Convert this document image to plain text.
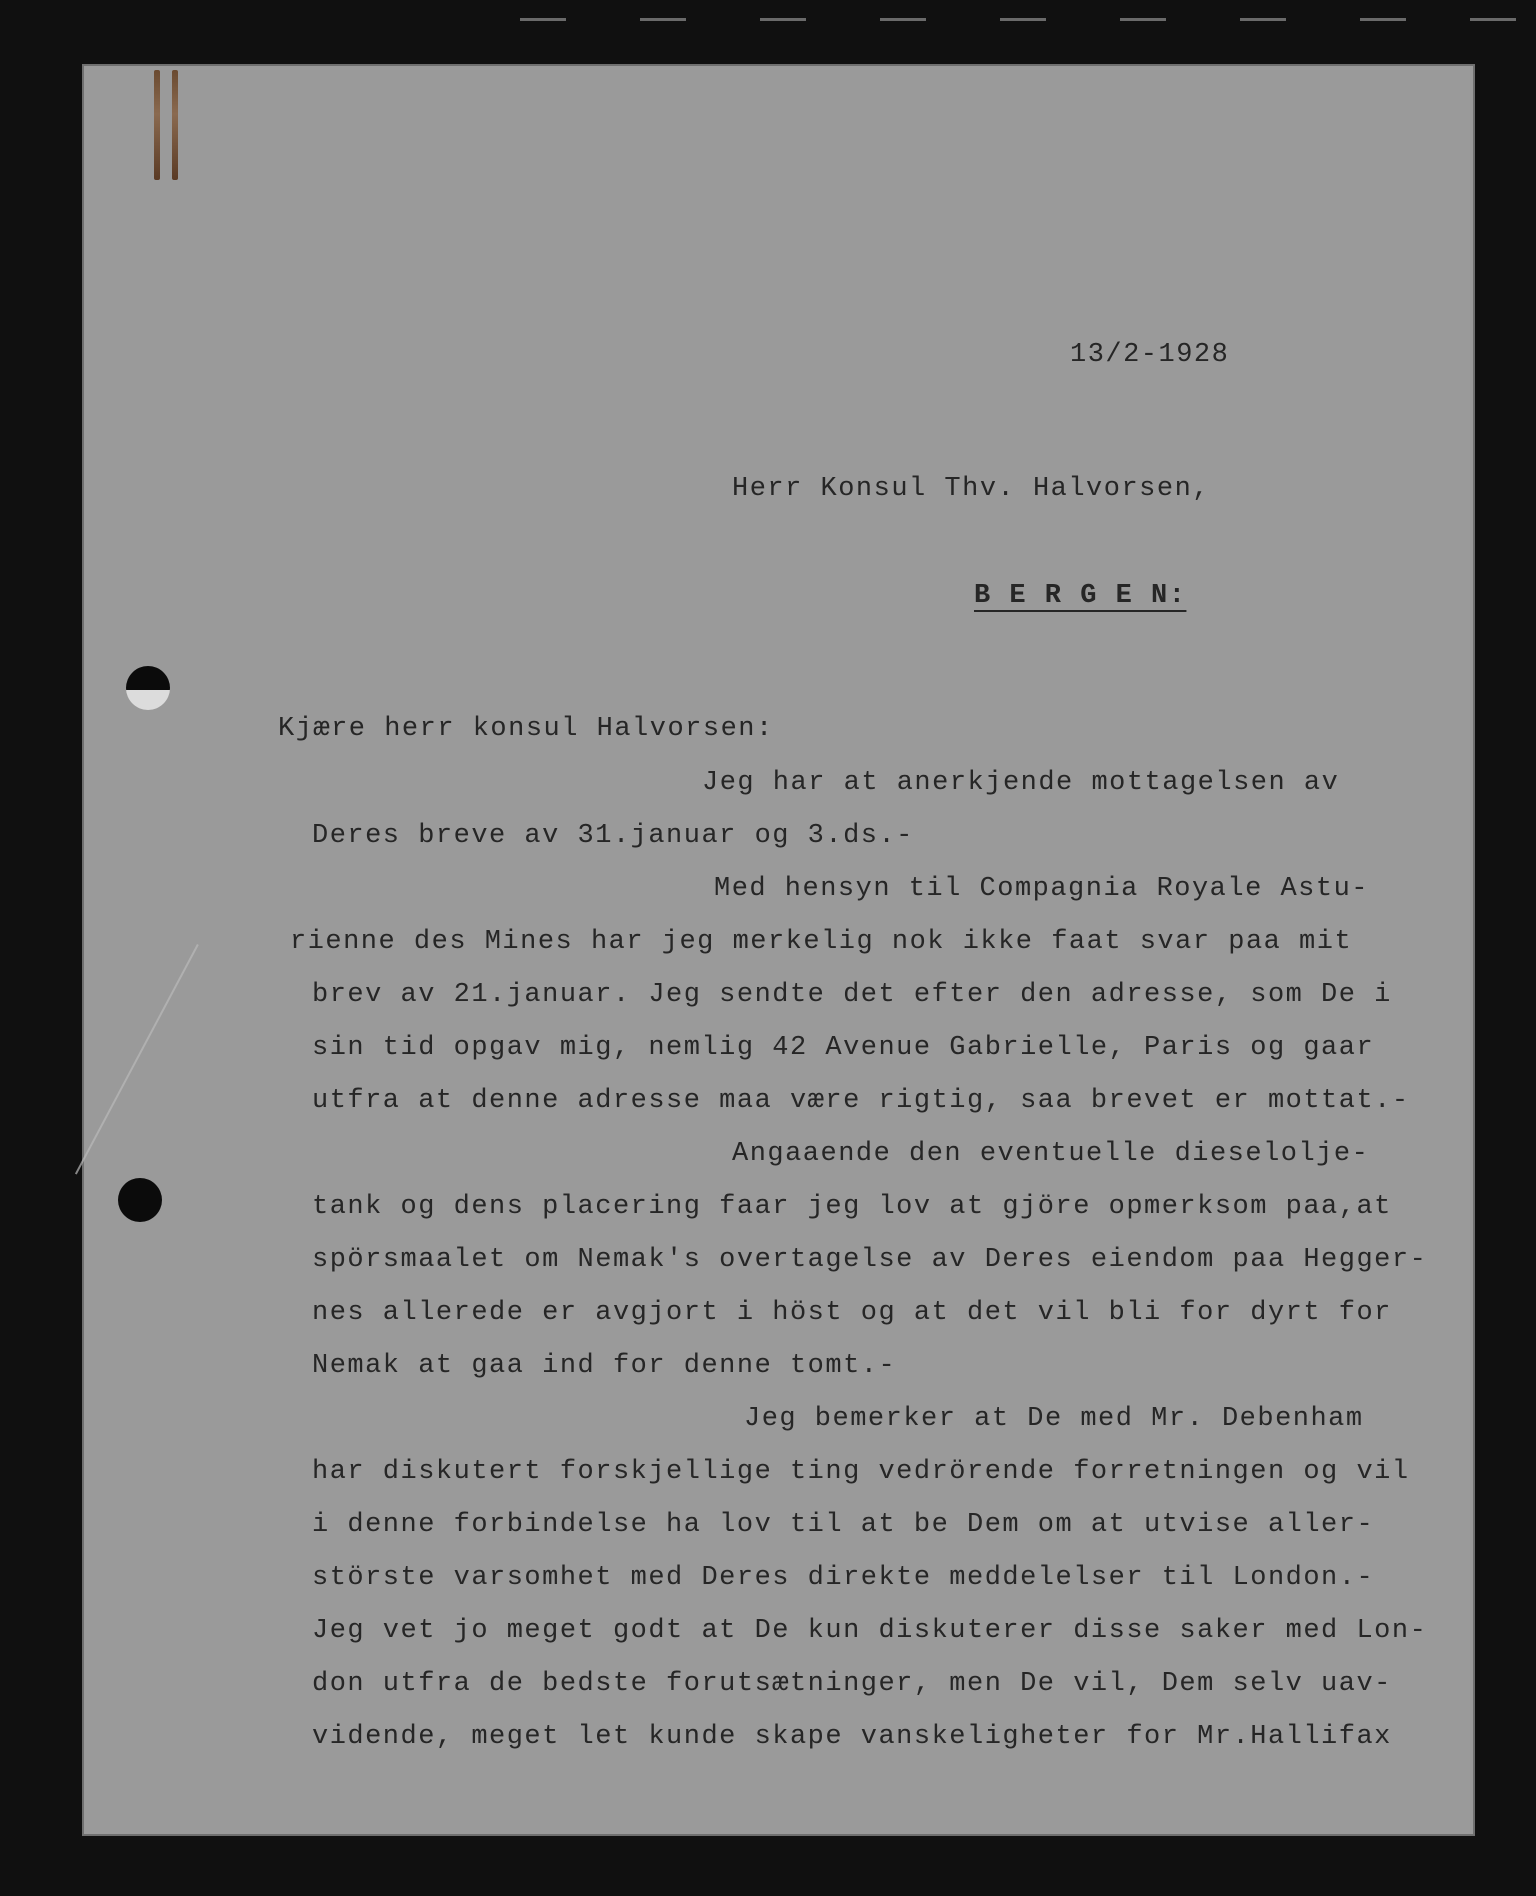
13/2-1928
Herr Konsul Thv. Halvorsen,
B E R G E N:
Kjære herr konsul Halvorsen:
Jeg har at anerkjende mottagelsen av
Deres breve av 31.januar og 3.ds.-
Med hensyn til Compagnia Royale Astu-
rienne des Mines har jeg merkelig nok ikke faat svar paa mit
brev av 21.januar. Jeg sendte det efter den adresse, som De i
sin tid opgav mig, nemlig 42 Avenue Gabrielle, Paris og gaar
utfra at denne adresse maa være rigtig, saa brevet er mottat.-
Angaaende den eventuelle dieselolje-
tank og dens placering faar jeg lov at gjöre opmerksom paa,at
spörsmaalet om Nemak's overtagelse av Deres eiendom paa Hegger-
nes allerede er avgjort i höst og at det vil bli for dyrt for
Nemak at gaa ind for denne tomt.-
Jeg bemerker at De med Mr. Debenham
har diskutert forskjellige ting vedrörende forretningen og vil
i denne forbindelse ha lov til at be Dem om at utvise aller-
störste varsomhet med Deres direkte meddelelser til London.-
Jeg vet jo meget godt at De kun diskuterer disse saker med Lon-
don utfra de bedste forutsætninger, men De vil, Dem selv uav-
vidende, meget let kunde skape vanskeligheter for Mr.Hallifax
